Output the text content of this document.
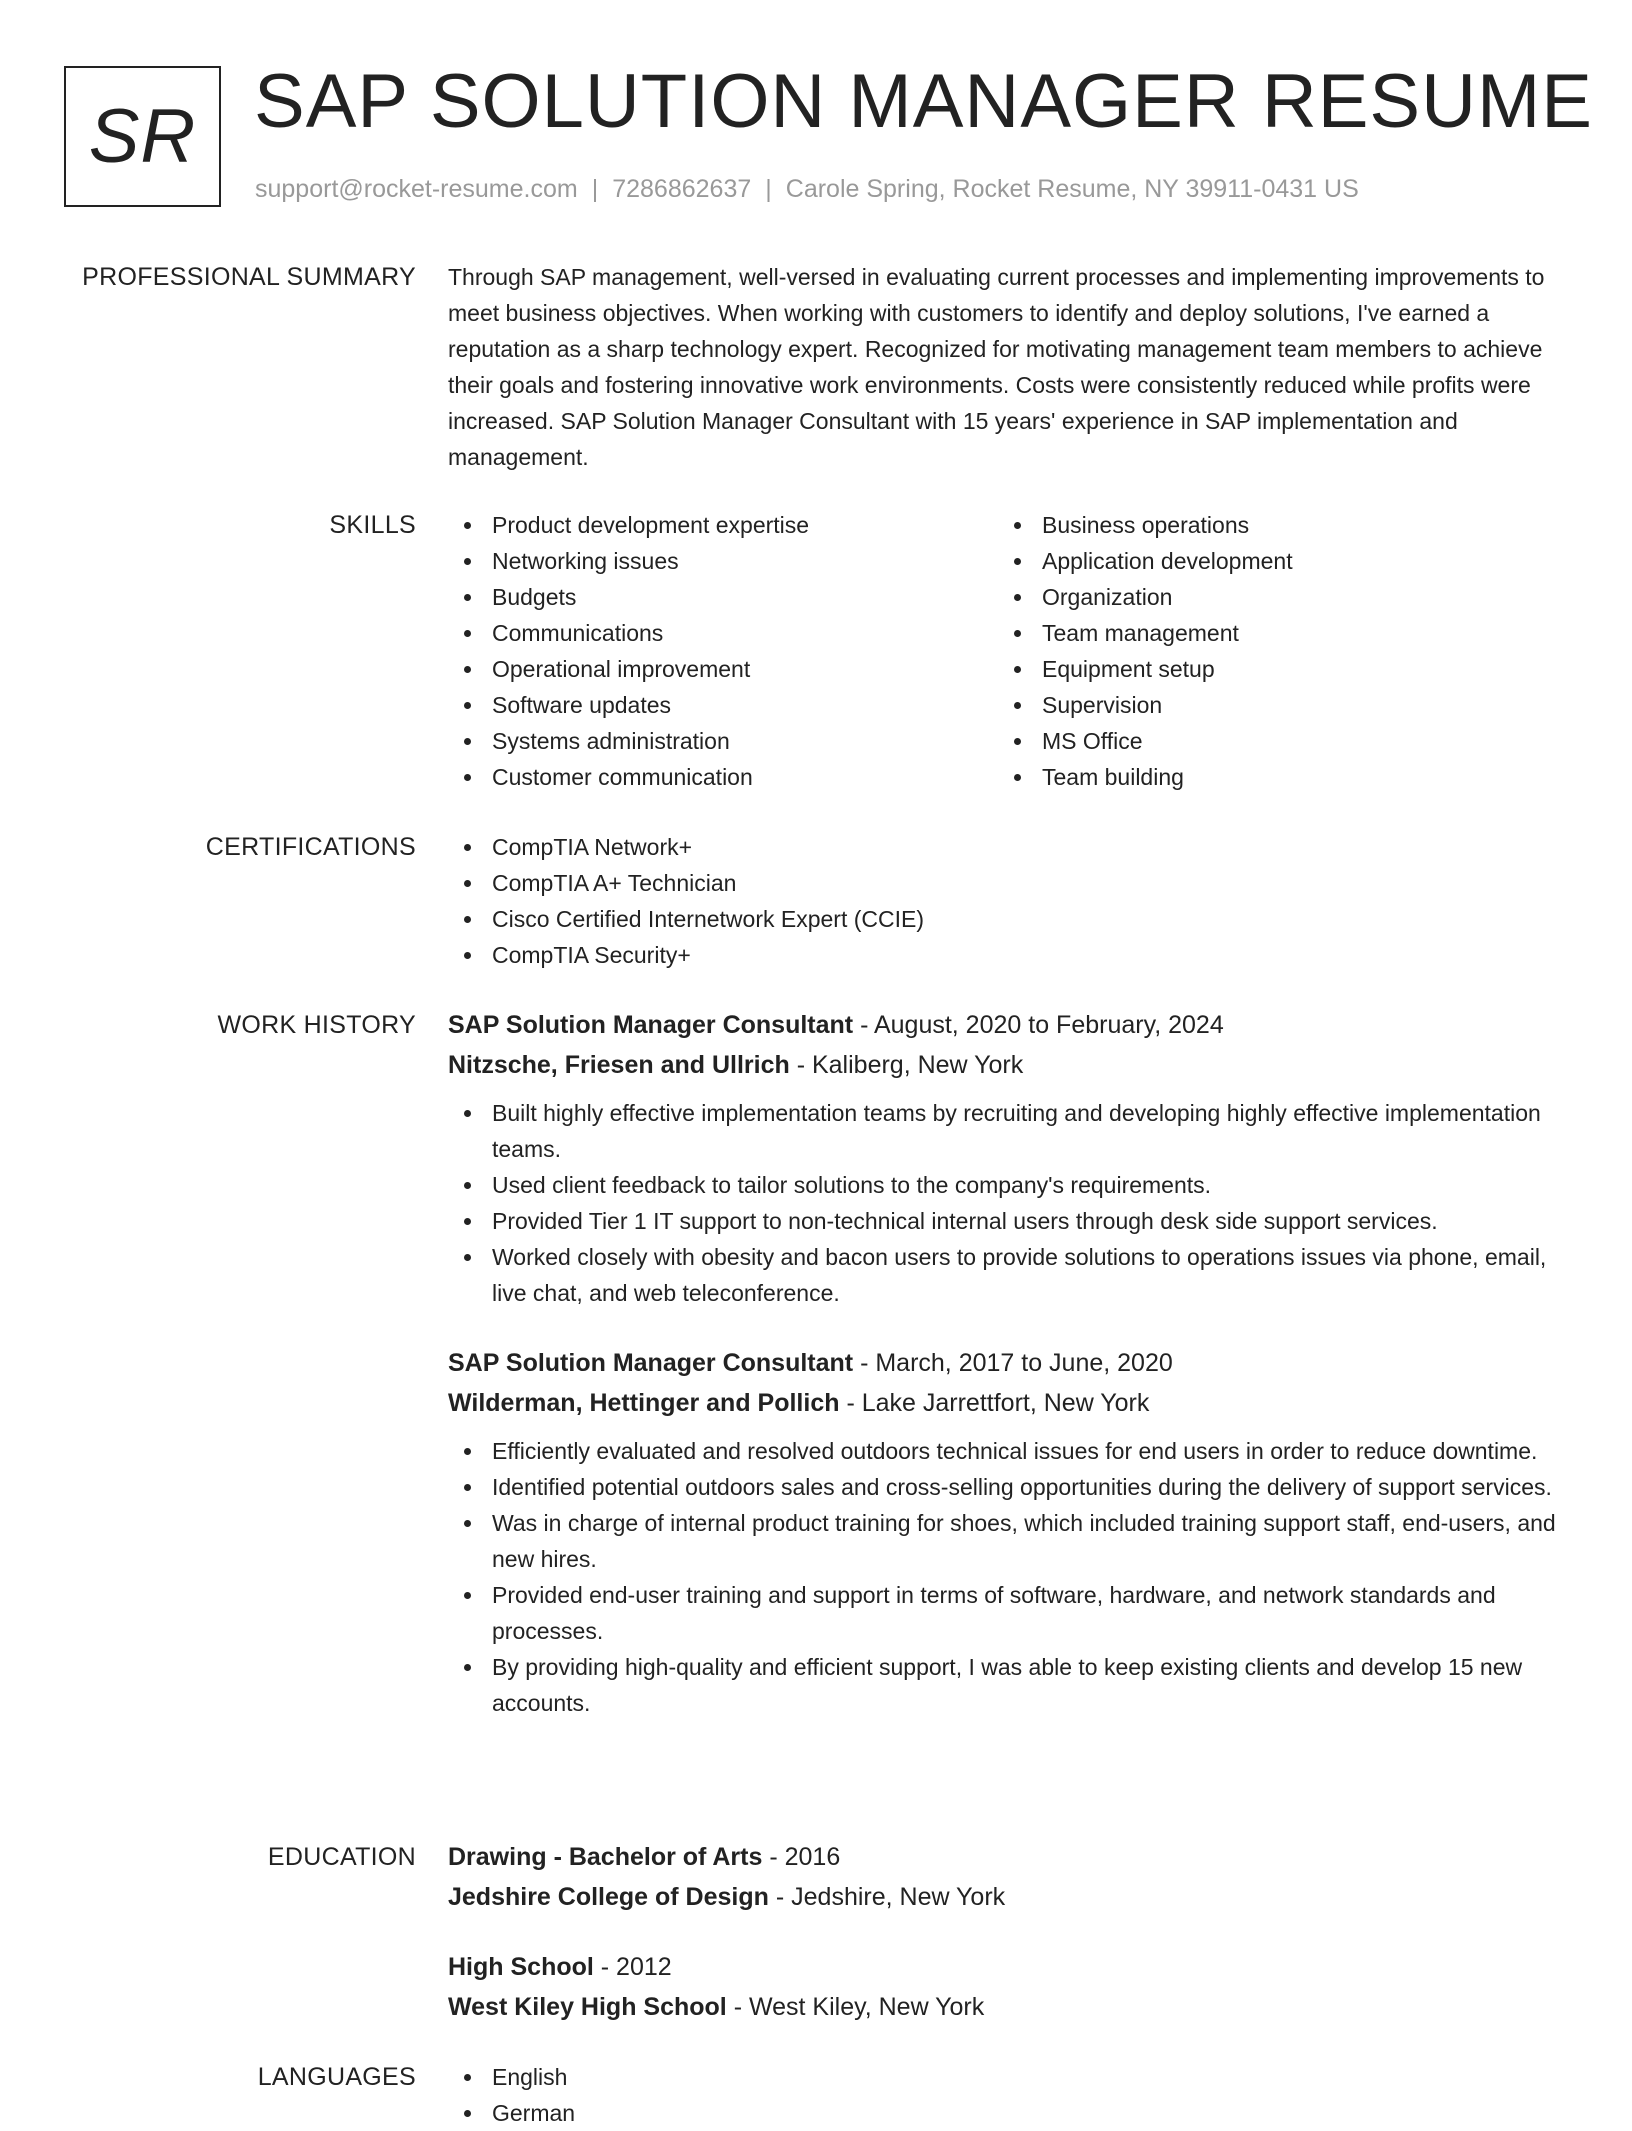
SR SAP SOLUTION MANAGER RESUME
support@rocket-resume.com | 7286862637 | Carole Spring, Rocket Resume, NY 39911-0431 US
PROFESSIONAL SUMMARY Through SAP management, well-versed in evaluating current processes and implementing improvements to meet business objectives. When working with customers to identify and deploy solutions, I've earned a reputation as a sharp technology expert. Recognized for motivating management team members to achieve their goals and fostering innovative work environments. Costs were consistently reduced while profits were increased. SAP Solution Manager Consultant with 15 years' experience in SAP implementation and management.

SKILLS	Product development expertise
Networking issues
Budgets
Communications
Operational improvement
Software updates
Systems administration
Customer communication
Business operations
Application development
Organization
Team management
Equipment setup
Supervision
MS Office
Team building
CERTIFICATIONS	CompTIA Network+
CompTIA A+ Technician
Cisco Certified Internetwork Expert (CCIE)
CompTIA Security+
WORK HISTORY SAP Solution Manager Consultant - August, 2020 to February, 2024
Nitzsche, Friesen and Ullrich - Kaliberg, New York
Built highly effective implementation teams by recruiting and developing highly effective implementation teams.
Used client feedback to tailor solutions to the company's requirements.
Provided Tier 1 IT support to non-technical internal users through desk side support services.
Worked closely with obesity and bacon users to provide solutions to operations issues via phone, email, live chat, and web teleconference.
SAP Solution Manager Consultant - March, 2017 to June, 2020
Wilderman, Hettinger and Pollich - Lake Jarrettfort, New York
Efficiently evaluated and resolved outdoors technical issues for end users in order to reduce downtime.
Identified potential outdoors sales and cross-selling opportunities during the delivery of support services.
Was in charge of internal product training for shoes, which included training support staff, end-users, and new hires.
Provided end-user training and support in terms of software, hardware, and network standards and processes.
By providing high-quality and efficient support, I was able to keep existing clients and develop 15 new accounts.
EDUCATION Drawing - Bachelor of Arts - 2016
Jedshire College of Design - Jedshire, New York
High School - 2012
West Kiley High School - West Kiley, New York
LANGUAGES	English
German
